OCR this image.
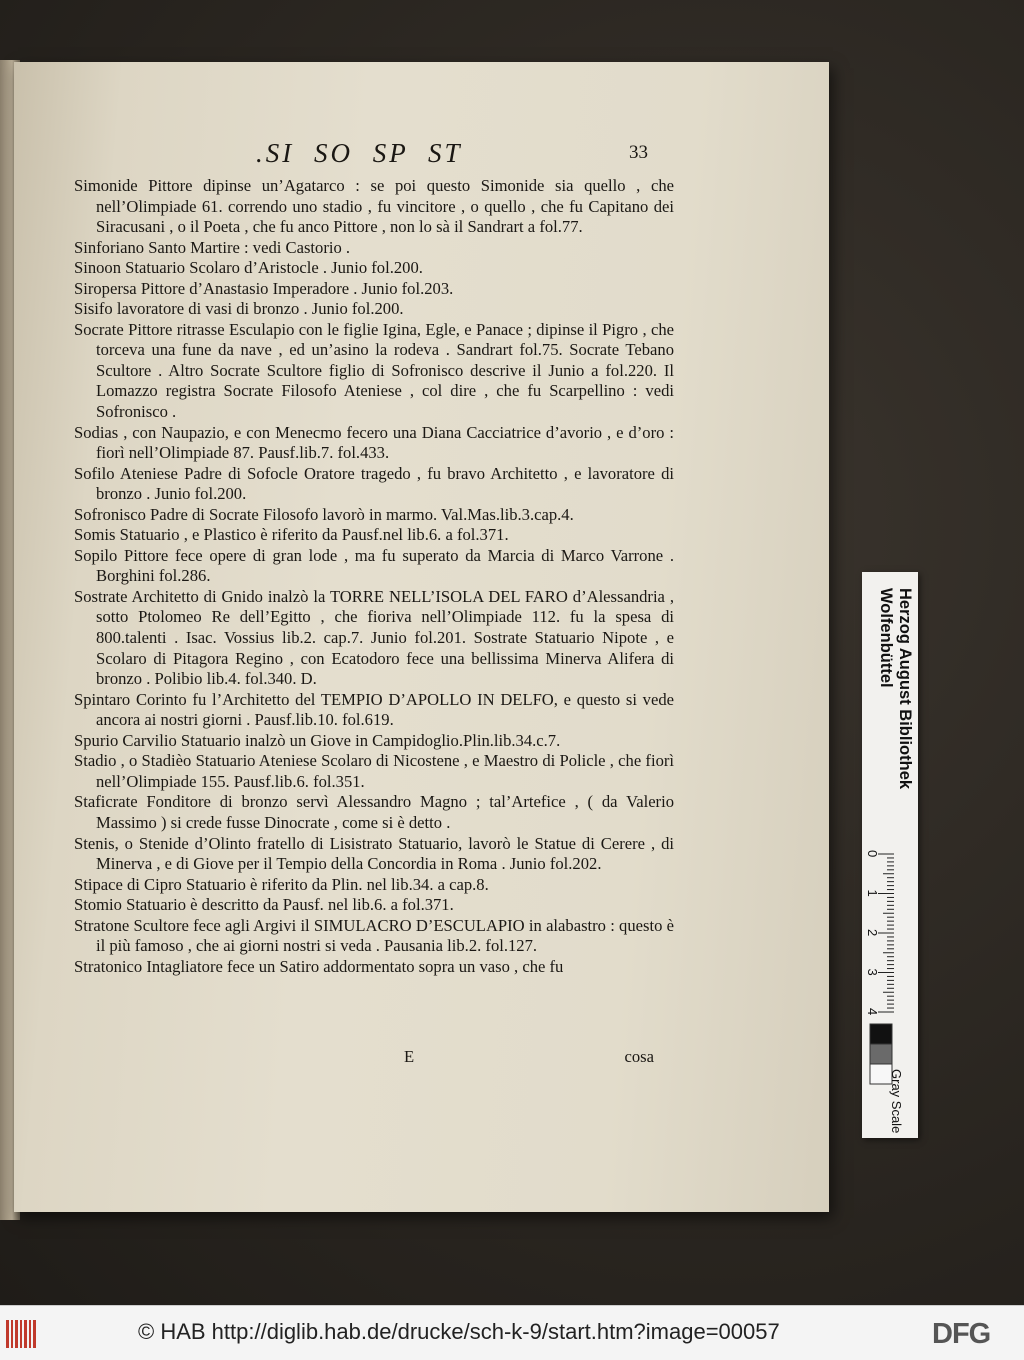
.SI SO SP ST	33

Simonide Pittore dipinse un’Agatarco : se poi questo Simonide sia quello , che nell’Olimpiade 61. correndo uno stadio , fu vincitore , o quello , che fu Capitano dei Siracusani , o il Poeta , che fu anco Pittore , non lo sà il Sandrart a fol.77.

Sinforiano Santo Martire : vedi Castorio .

Sinoon Statuario Scolaro d’Aristocle . Junio fol.200.

Siropersa Pittore d’Anastasio Imperadore . Junio fol.203.

Sisifo lavoratore di vasi di bronzo . Junio fol.200.

Socrate Pittore ritrasse Esculapio con le figlie Igina, Egle, e Panace ; dipinse il Pigro , che torceva una fune da nave , ed un’asino la rodeva . Sandrart fol.75. Socrate Tebano Scultore . Altro Socrate Scultore figlio di Sofronisco descrive il Junio a fol.220. Il Lomazzo registra Socrate Filosofo Ateniese , col dire , che fu Scarpellino : vedi Sofronisco .

Sodias , con Naupazio, e con Menecmo fecero una Diana Cacciatrice d’avorio , e d’oro : fiorì nell’Olimpiade 87. Pausf.lib.7. fol.433.

Sofilo Ateniese Padre di Sofocle Oratore tragedo , fu bravo Architetto , e lavoratore di bronzo . Junio fol.200.

Sofronisco Padre di Socrate Filosofo lavorò in marmo. Val.Mas.lib.3.cap.4.

Somis Statuario , e Plastico è riferito da Pausf.nel lib.6. a fol.371.

Sopilo Pittore fece opere di gran lode , ma fu superato da Marcia di Marco Varrone . Borghini fol.286.

Sostrate Architetto di Gnido inalzò la TORRE NELL’ISOLA DEL FARO d’Alessandria , sotto Ptolomeo Re dell’Egitto , che fioriva nell’Olimpiade 112. fu la spesa di 800.talenti . Isac. Vossius lib.2. cap.7. Junio fol.201. Sostrate Statuario Nipote , e Scolaro di Pitagora Regino , con Ecatodoro fece una bellissima Minerva Alifera di bronzo . Polibio lib.4. fol.340. D.

Spintaro Corinto fu l’Architetto del TEMPIO D’APOLLO IN DELFO, e questo si vede ancora ai nostri giorni . Pausf.lib.10. fol.619.

Spurio Carvilio Statuario inalzò un Giove in Campidoglio.Plin.lib.34.c.7.

Stadio , o Stadièo Statuario Ateniese Scolaro di Nicostene , e Maestro di Policle , che fiorì nell’Olimpiade 155. Pausf.lib.6. fol.351.

Staficrate Fonditore di bronzo servì Alessandro Magno ; tal’Artefice , ( da Valerio Massimo ) si crede fusse Dinocrate , come si è detto .

Stenis, o Stenide d’Olinto fratello di Lisistrato Statuario, lavorò le Statue di Cerere , di Minerva , e di Giove per il Tempio della Concordia in Roma . Junio fol.202.

Stipace di Cipro Statuario è riferito da Plin. nel lib.34. a cap.8.

Stomio Statuario è descritto da Pausf. nel lib.6. a fol.371.

Stratone Scultore fece agli Argivi il SIMULACRO D’ESCULAPIO in alabastro : questo è il più famoso , che ai giorni nostri si veda . Pausania lib.2. fol.127.

Stratonico Intagliatore fece un Satiro addormentato sopra un vaso , che fu

E	cosa
0
1
2
3
4
Herzog August Bibliothek
Wolfenbüttel
Gray Scale
© HAB http://diglib.hab.de/drucke/sch-k-9/start.htm?image=00057	DFG
